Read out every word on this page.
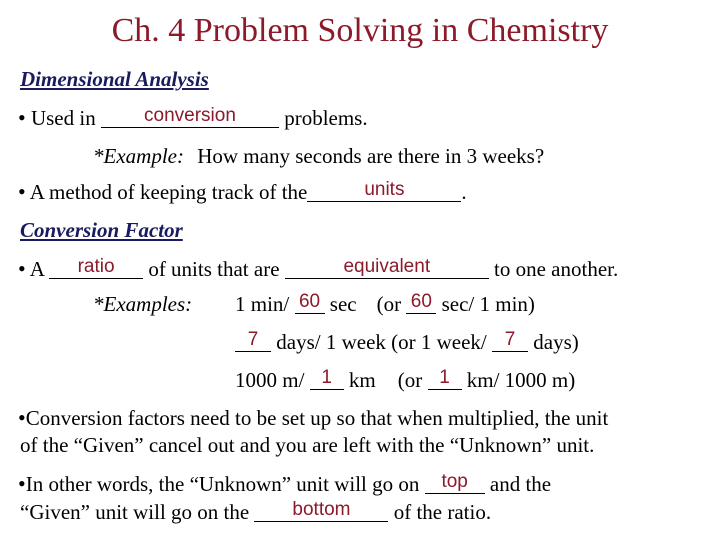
Ch. 4 Problem Solving in Chemistry
Dimensional Analysis
• Used in	conversion	problems.
*Example: How many seconds are there in 3 weeks?
• A method of keeping track of the	units	.
Conversion Factor
• A	ratio	of units that are	equivalent	to one another.
*Examples: 1 min/ 60 sec (or 60 sec/ 1 min)

7 days/ 1 week (or 1 week/ 7 days)
1000 m/ 1 km (or 1 km/ 1000 m)
•Conversion factors need to be set up so that when multiplied, the unit
of the “Given” cancel out and you are left with the “Unknown” unit.
•In other words, the “Unknown” unit will go on top and the
“Given” unit will go on the	bottom	of the ratio.
